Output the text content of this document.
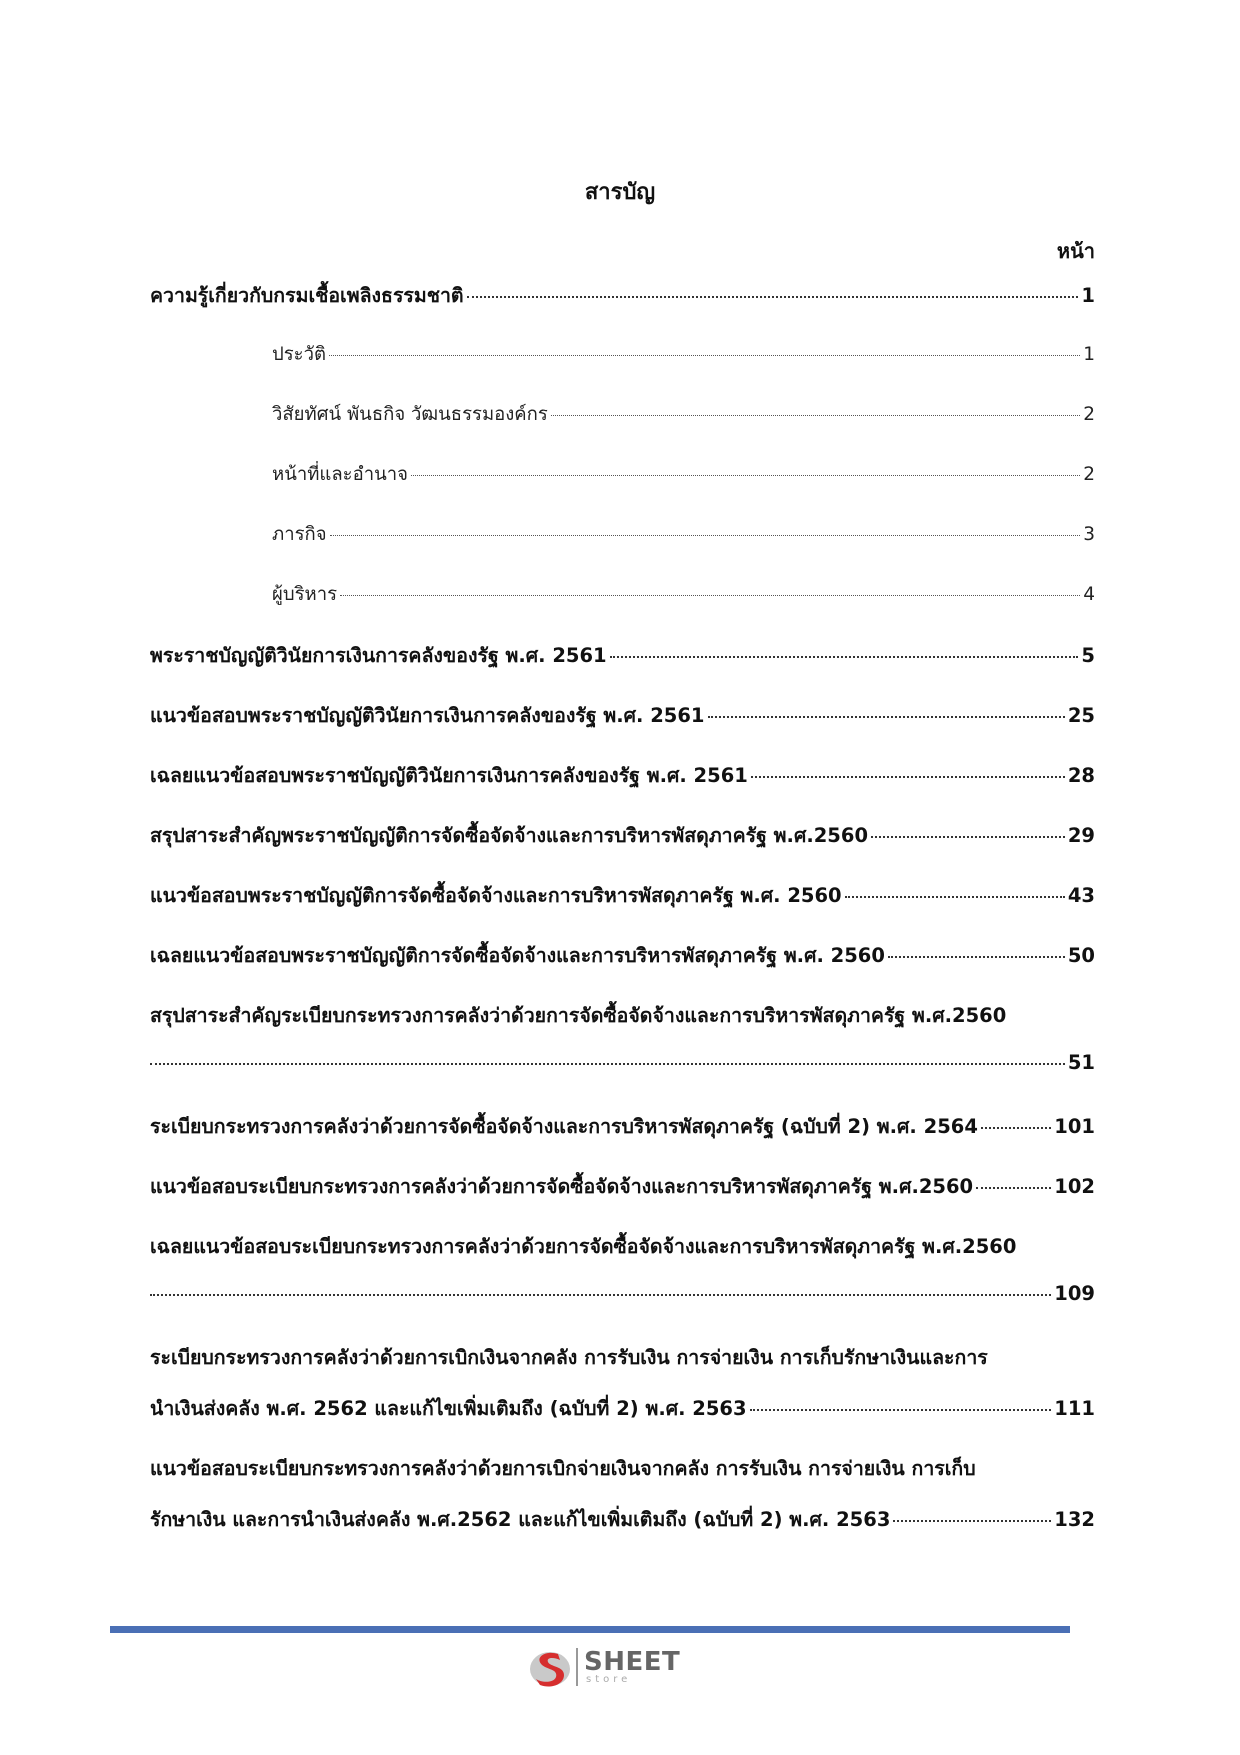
สารบัญ
หน้า
ความรู้เกี่ยวกับกรมเชื้อเพลิงธรรมชาติ	1
ประวัติ	1
วิสัยทัศน์ พันธกิจ วัฒนธรรมองค์กร	2
หน้าที่และอำนาจ	2
ภารกิจ	3
ผู้บริหาร	4
พระราชบัญญัติวินัยการเงินการคลังของรัฐ พ.ศ. 2561	5
แนวข้อสอบพระราชบัญญัติวินัยการเงินการคลังของรัฐ พ.ศ. 2561	25
เฉลยแนวข้อสอบพระราชบัญญัติวินัยการเงินการคลังของรัฐ พ.ศ. 2561	28
สรุปสาระสำคัญพระราชบัญญัติการจัดซื้อจัดจ้างและการบริหารพัสดุภาครัฐ พ.ศ.2560	29
แนวข้อสอบพระราชบัญญัติการจัดซื้อจัดจ้างและการบริหารพัสดุภาครัฐ พ.ศ. 2560	43
เฉลยแนวข้อสอบพระราชบัญญัติการจัดซื้อจัดจ้างและการบริหารพัสดุภาครัฐ พ.ศ. 2560	50
สรุปสาระสำคัญระเบียบกระทรวงการคลังว่าด้วยการจัดซื้อจัดจ้างและการบริหารพัสดุภาครัฐ พ.ศ.2560
51
ระเบียบกระทรวงการคลังว่าด้วยการจัดซื้อจัดจ้างและการบริหารพัสดุภาครัฐ (ฉบับที่ 2) พ.ศ. 2564	101
แนวข้อสอบระเบียบกระทรวงการคลังว่าด้วยการจัดซื้อจัดจ้างและการบริหารพัสดุภาครัฐ พ.ศ.2560	102
เฉลยแนวข้อสอบระเบียบกระทรวงการคลังว่าด้วยการจัดซื้อจัดจ้างและการบริหารพัสดุภาครัฐ พ.ศ.2560
109
ระเบียบกระทรวงการคลังว่าด้วยการเบิกเงินจากคลัง การรับเงิน การจ่ายเงิน การเก็บรักษาเงินและการ
นำเงินส่งคลัง พ.ศ. 2562 และแก้ไขเพิ่มเติมถึง (ฉบับที่ 2) พ.ศ. 2563	111
แนวข้อสอบระเบียบกระทรวงการคลังว่าด้วยการเบิกจ่ายเงินจากคลัง การรับเงิน การจ่ายเงิน การเก็บ
รักษาเงิน และการนำเงินส่งคลัง พ.ศ.2562 และแก้ไขเพิ่มเติมถึง (ฉบับที่ 2) พ.ศ. 2563	132
SHEET
store
